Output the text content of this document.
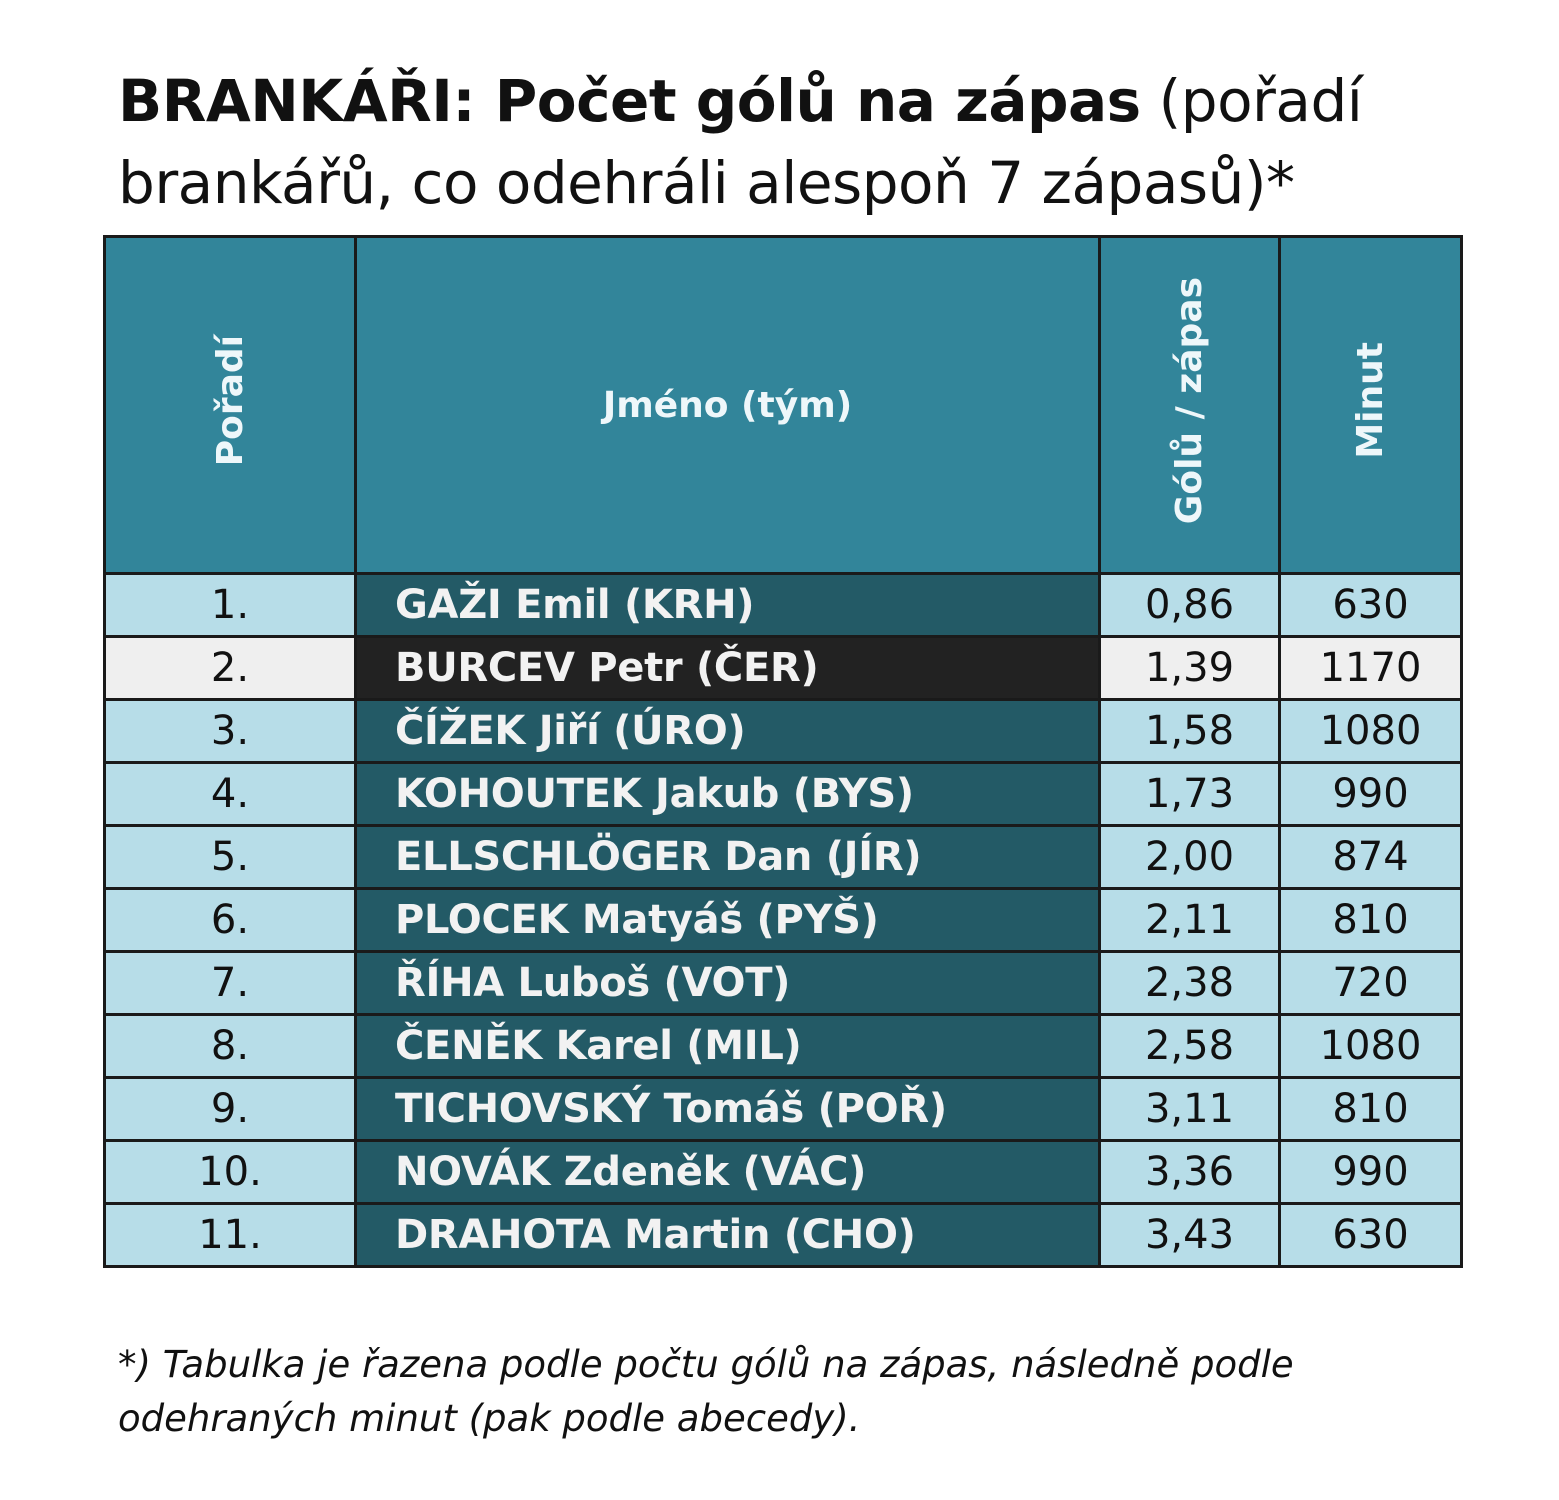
BRANKÁŘI: Počet gólů na zápas (pořadí brankářů, co odehráli alespoň 7 zápasů)*
Pořadí	Jméno (tým)	Gólů / zápas	Minut
1.	GAŽI Emil (KRH)	0,86	630
2.	BURCEV Petr (ČER)	1,39	1170
3.	ČÍŽEK Jiří (ÚRO)	1,58	1080
4.	KOHOUTEK Jakub (BYS)	1,73	990
5.	ELLSCHLÖGER Dan (JÍR)	2,00	874
6.	PLOCEK Matyáš (PYŠ)	2,11	810
7.	ŘÍHA Luboš (VOT)	2,38	720
8.	ČENĚK Karel (MIL)	2,58	1080
9.	TICHOVSKÝ Tomáš (POŘ)	3,11	810
10.	NOVÁK Zdeněk (VÁC)	3,36	990
11.	DRAHOTA Martin (CHO)	3,43	630
*) Tabulka je řazena podle počtu gólů na zápas, následně podle odehraných minut (pak podle abecedy).
